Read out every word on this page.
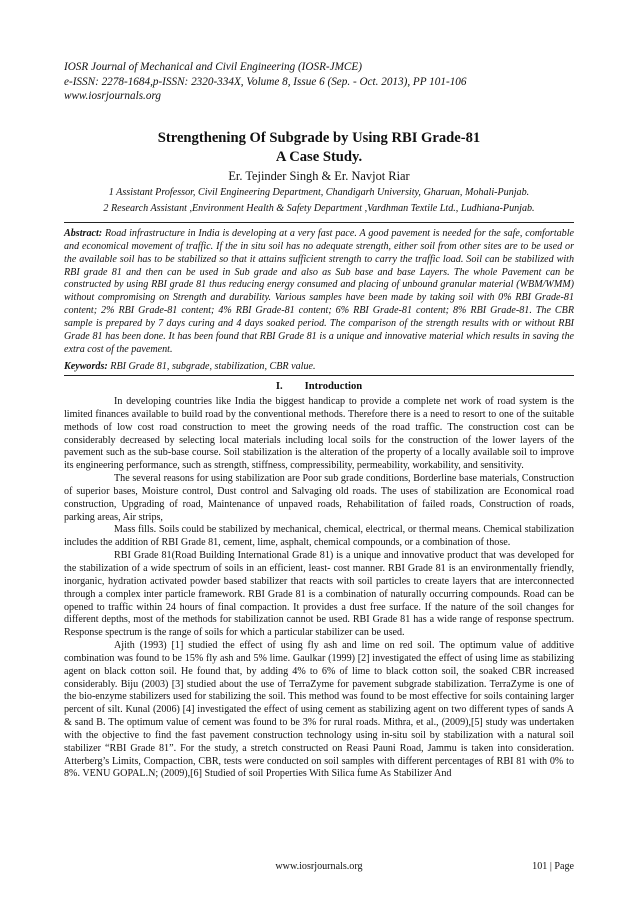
IOSR Journal of Mechanical and Civil Engineering (IOSR-JMCE)
e-ISSN: 2278-1684,p-ISSN: 2320-334X, Volume 8, Issue 6 (Sep. - Oct. 2013), PP 101-106
www.iosrjournals.org
Strengthening Of Subgrade by Using RBI Grade-81
A Case Study.
Er. Tejinder Singh & Er. Navjot Riar
1 Assistant Professor, Civil Engineering Department, Chandigarh University, Gharuan, Mohali-Punjab.
2 Research Assistant ,Environment Health & Safety Department ,Vardhman Textile Ltd., Ludhiana-Punjab.
Abstract: Road infrastructure in India is developing at a very fast pace. A good pavement is needed for the safe, comfortable and economical movement of traffic. If the in situ soil has no adequate strength, either soil from other sites are to be used or the available soil has to be stabilized so that it attains sufficient strength to carry the traffic load. Soil can be stabilized with RBI grade 81 and then can be used in Sub grade and also as Sub base and base Layers. The whole Pavement can be constructed by using RBI grade 81 thus reducing energy consumed and placing of unbound granular material (WBM/WMM) without compromising on Strength and durability. Various samples have been made by taking soil with 0% RBI Grade-81 content; 2% RBI Grade-81 content; 4% RBI Grade-81 content; 6% RBI Grade-81 content; 8% RBI Grade-81. The CBR sample is prepared by 7 days curing and 4 days soaked period. The comparison of the strength results with or without RBI Grade 81 has been done. It has been found that RBI Grade 81 is a unique and innovative material which results in saving the extra cost of the pavement.
Keywords: RBI Grade 81, subgrade, stabilization, CBR value.
I. Introduction

In developing countries like India the biggest handicap to provide a complete net work of road system is the limited finances available to build road by the conventional methods. Therefore there is a need to resort to one of the suitable methods of low cost road construction to meet the growing needs of the road traffic. The construction cost can be considerably decreased by selecting local materials including local soils for the construction of the lower layers of the pavement such as the sub-base course. Soil stabilization is the alteration of the property of a locally available soil to improve its engineering performance, such as strength, stiffness, compressibility, permeability, workability, and sensitivity.

The several reasons for using stabilization are Poor sub grade conditions, Borderline base materials, Construction of superior bases, Moisture control, Dust control and Salvaging old roads. The uses of stabilization are Economical road construction, Upgrading of road, Maintenance of unpaved roads, Rehabilitation of failed roads, Construction of roads, parking areas, Air strips,

Mass fills. Soils could be stabilized by mechanical, chemical, electrical, or thermal means. Chemical stabilization includes the addition of RBI Grade 81, cement, lime, asphalt, chemical compounds, or a combination of those.

RBI Grade 81(Road Building International Grade 81) is a unique and innovative product that was developed for the stabilization of a wide spectrum of soils in an efficient, least- cost manner. RBI Grade 81 is an environmentally friendly, inorganic, hydration activated powder based stabilizer that reacts with soil particles to create layers that are interconnected through a complex inter particle framework. RBI Grade 81 is a combination of naturally occurring compounds. Road can be opened to traffic within 24 hours of final compaction. It provides a dust free surface. If the nature of the soil changes for different depths, most of the methods for stabilization cannot be used. RBI Grade 81 has a wide range of response spectrum. Response spectrum is the range of soils for which a particular stabilizer can be used.

Ajith (1993) [1] studied the effect of using fly ash and lime on red soil. The optimum value of additive combination was found to be 15% fly ash and 5% lime. Gaulkar (1999) [2] investigated the effect of using lime as stabilizing agent on black cotton soil. He found that, by adding 4% to 6% of lime to black cotton soil, the soaked CBR increased considerably. Biju (2003) [3] studied about the use of TerraZyme for pavement subgrade stabilization. TerraZyme is one of the bio-enzyme stabilizers used for stabilizing the soil. This method was found to be most effective for soils containing larger percent of silt. Kunal (2006) [4] investigated the effect of using cement as stabilizing agent on two different types of sands A & sand B. The optimum value of cement was found to be 3% for rural roads. Mithra, et al., (2009),[5] study was undertaken with the objective to find the fast pavement construction technology using in-situ soil by stabilization with a natural soil stabilizer “RBI Grade 81”. For the study, a stretch constructed on Reasi Pauni Road, Jammu is taken into consideration. Atterberg’s Limits, Compaction, CBR, tests were conducted on soil samples with different percentages of RBI 81 with 0% to 8%. VENU GOPAL.N; (2009),[6] Studied of soil Properties With Silica fume As Stabilizer And

www.iosrjournals.org	101 | Page
